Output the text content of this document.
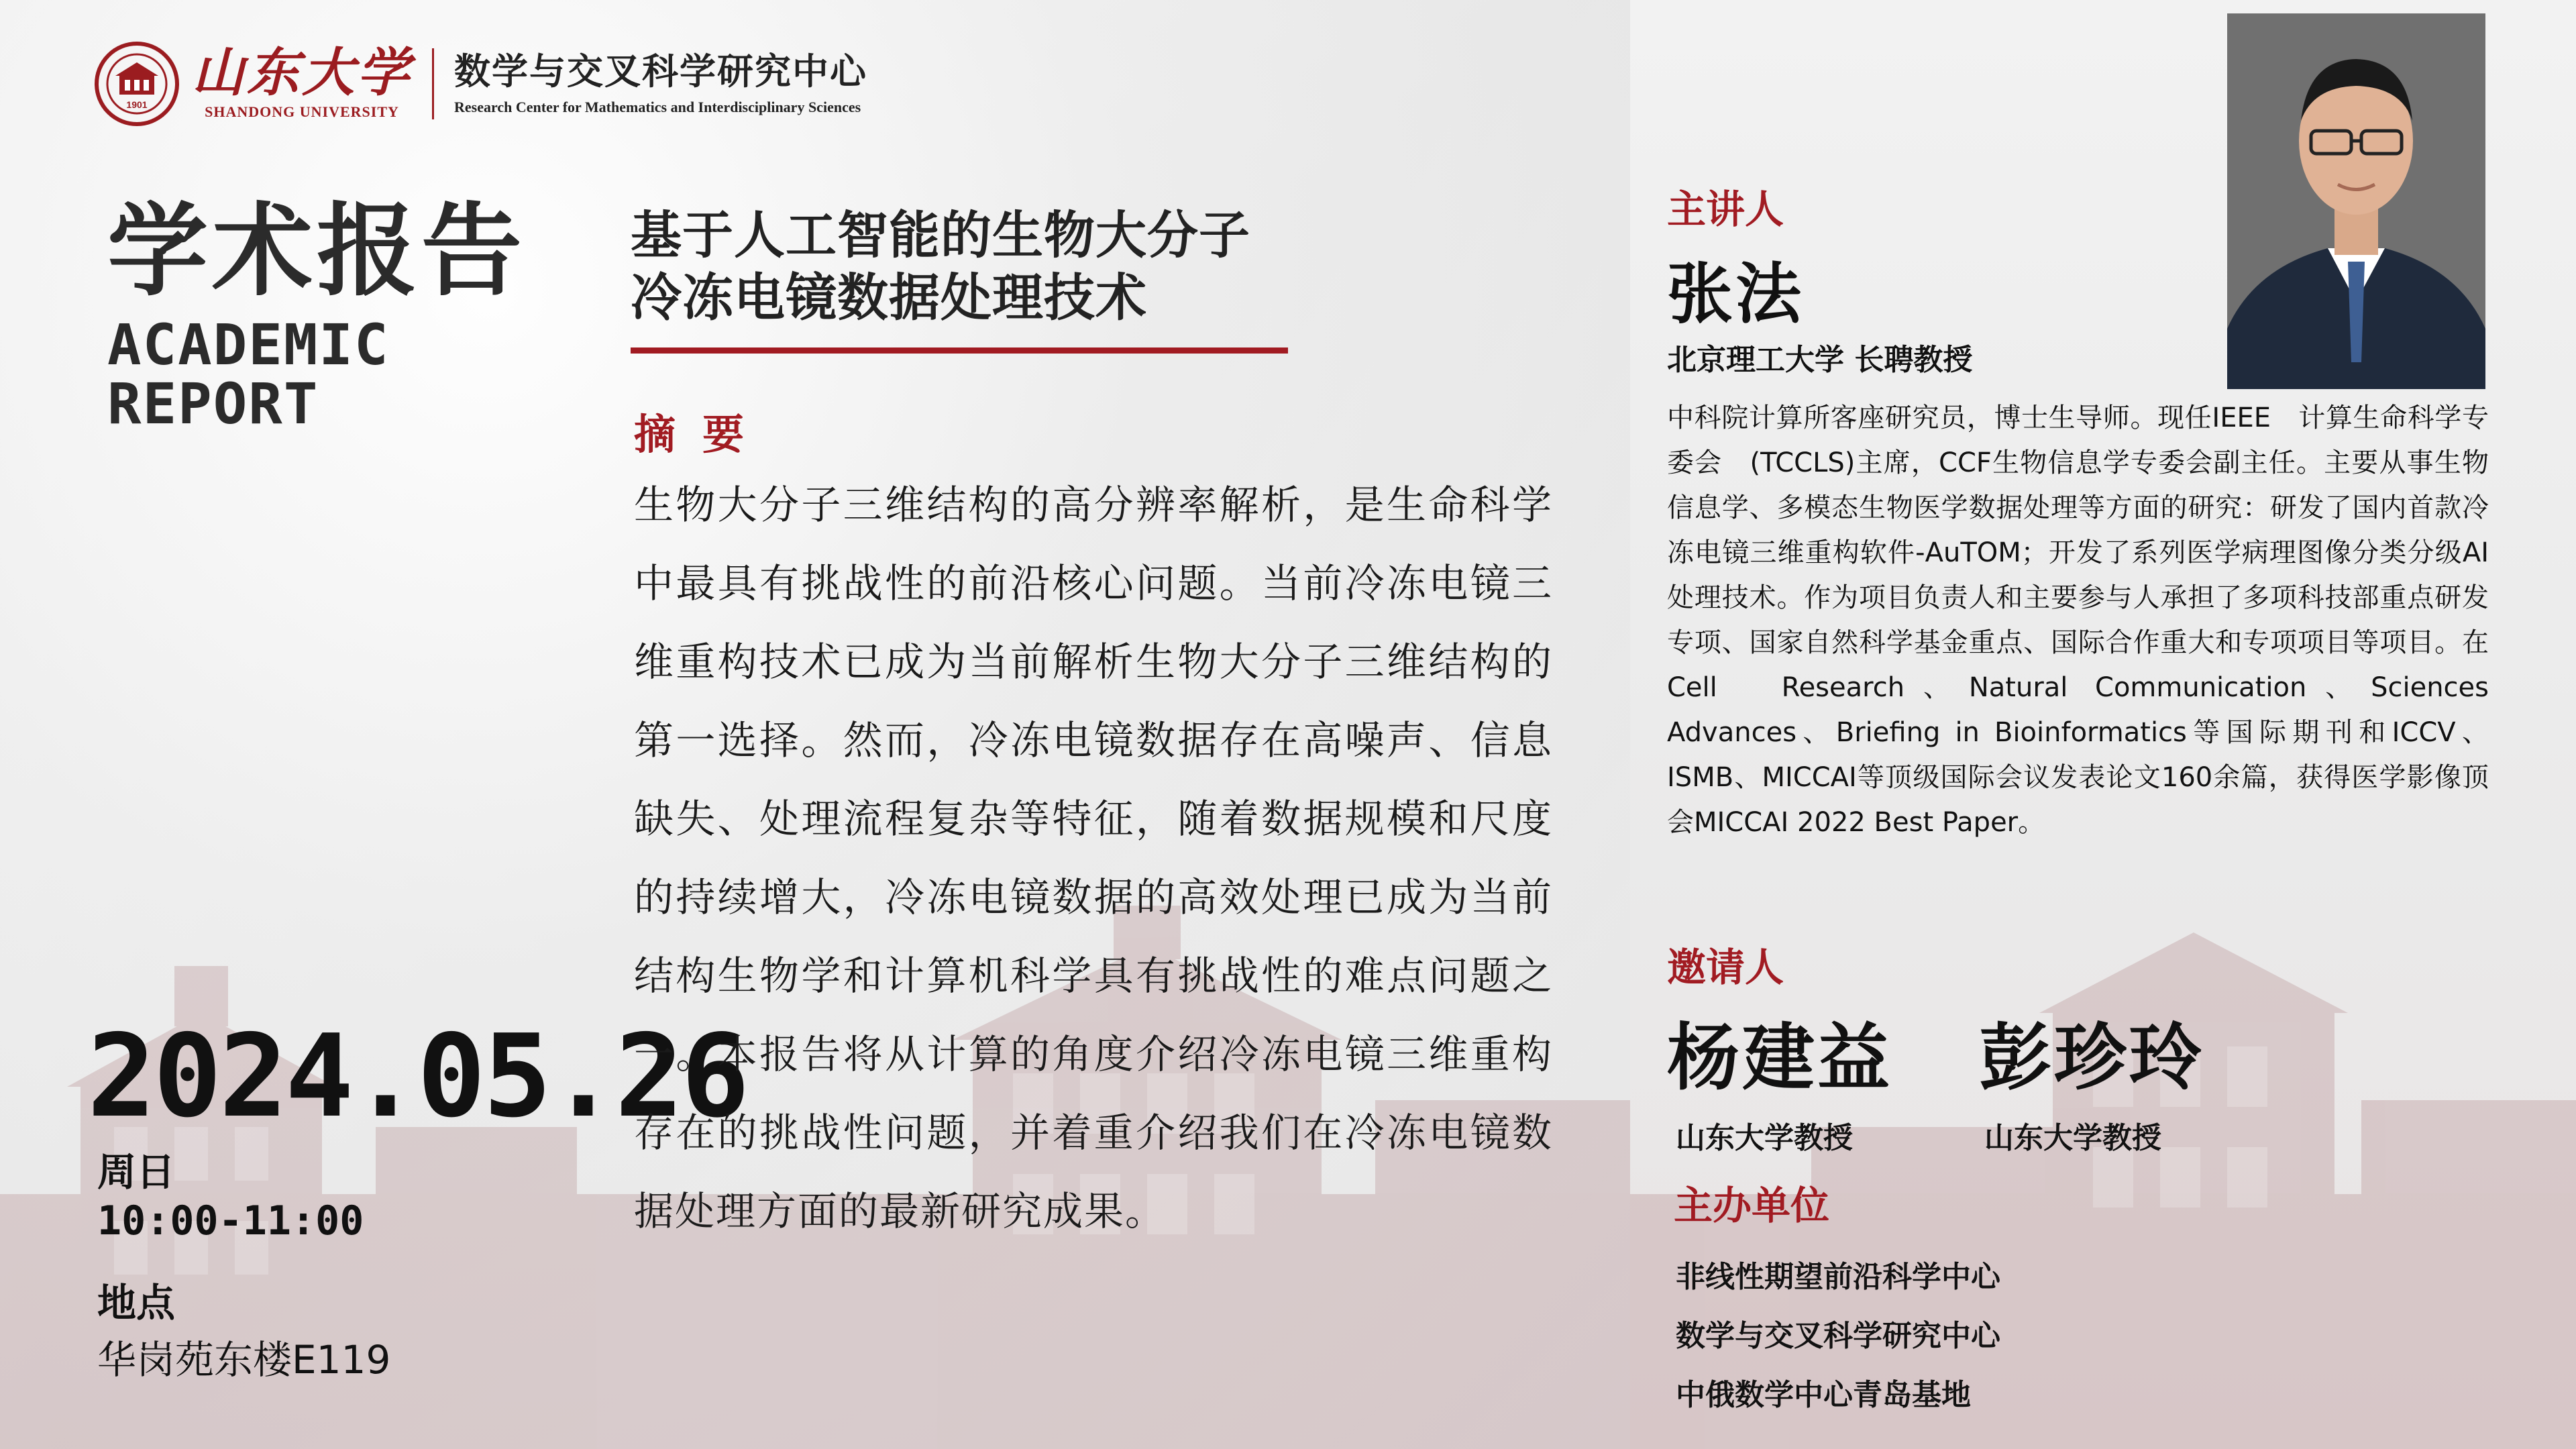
1901
山东大学
SHANDONG UNIVERSITY
数学与交叉科学研究中心
Research Center for Mathematics and Interdisciplinary Sciences
学术报告
ACADEMIC
REPORT
2024.05.26
周日
10:00-11:00
地点
华岗苑东楼E119
基于人工智能的生物大分子
冷冻电镜数据处理技术
摘要

生物大分子三维结构的高分辨率解析，是生命科学中最具有挑战性的前沿核心问题。当前冷冻电镜三维重构技术已成为当前解析生物大分子三维结构的第一选择。然而，冷冻电镜数据存在高噪声、信息缺失、处理流程复杂等特征，随着数据规模和尺度的持续增大，冷冻电镜数据的高效处理已成为当前结构生物学和计算机科学具有挑战性的难点问题之一。本报告将从计算的角度介绍冷冻电镜三维重构存在的挑战性问题，并着重介绍我们在冷冻电镜数据处理方面的最新研究成果。

主讲人
张法
北京理工大学 长聘教授

中科院计算所客座研究员，博士生导师。现任IEEE　计算生命科学专委会　(TCCLS)主席，CCF生物信息学专委会副主任。主要从事生物信息学、多模态生物医学数据处理等方面的研究：研发了国内首款冷冻电镜三维重构软件-AuTOM；开发了系列医学病理图像分类分级AI处理技术。作为项目负责人和主要参与人承担了多项科技部重点研发专项、国家自然科学基金重点、国际合作重大和专项项目等项目。在Cell　Research、Natural Communication、Sciences Advances、Briefing in Bioinformatics等国际期刊和ICCV、ISMB、MICCAI等顶级国际会议发表论文160余篇，获得医学影像顶会MICCAI 2022 Best Paper。

邀请人
杨建益 彭珍玲
山东大学教授	山东大学教授
主办单位
非线性期望前沿科学中心
数学与交叉科学研究中心
中俄数学中心青岛基地
